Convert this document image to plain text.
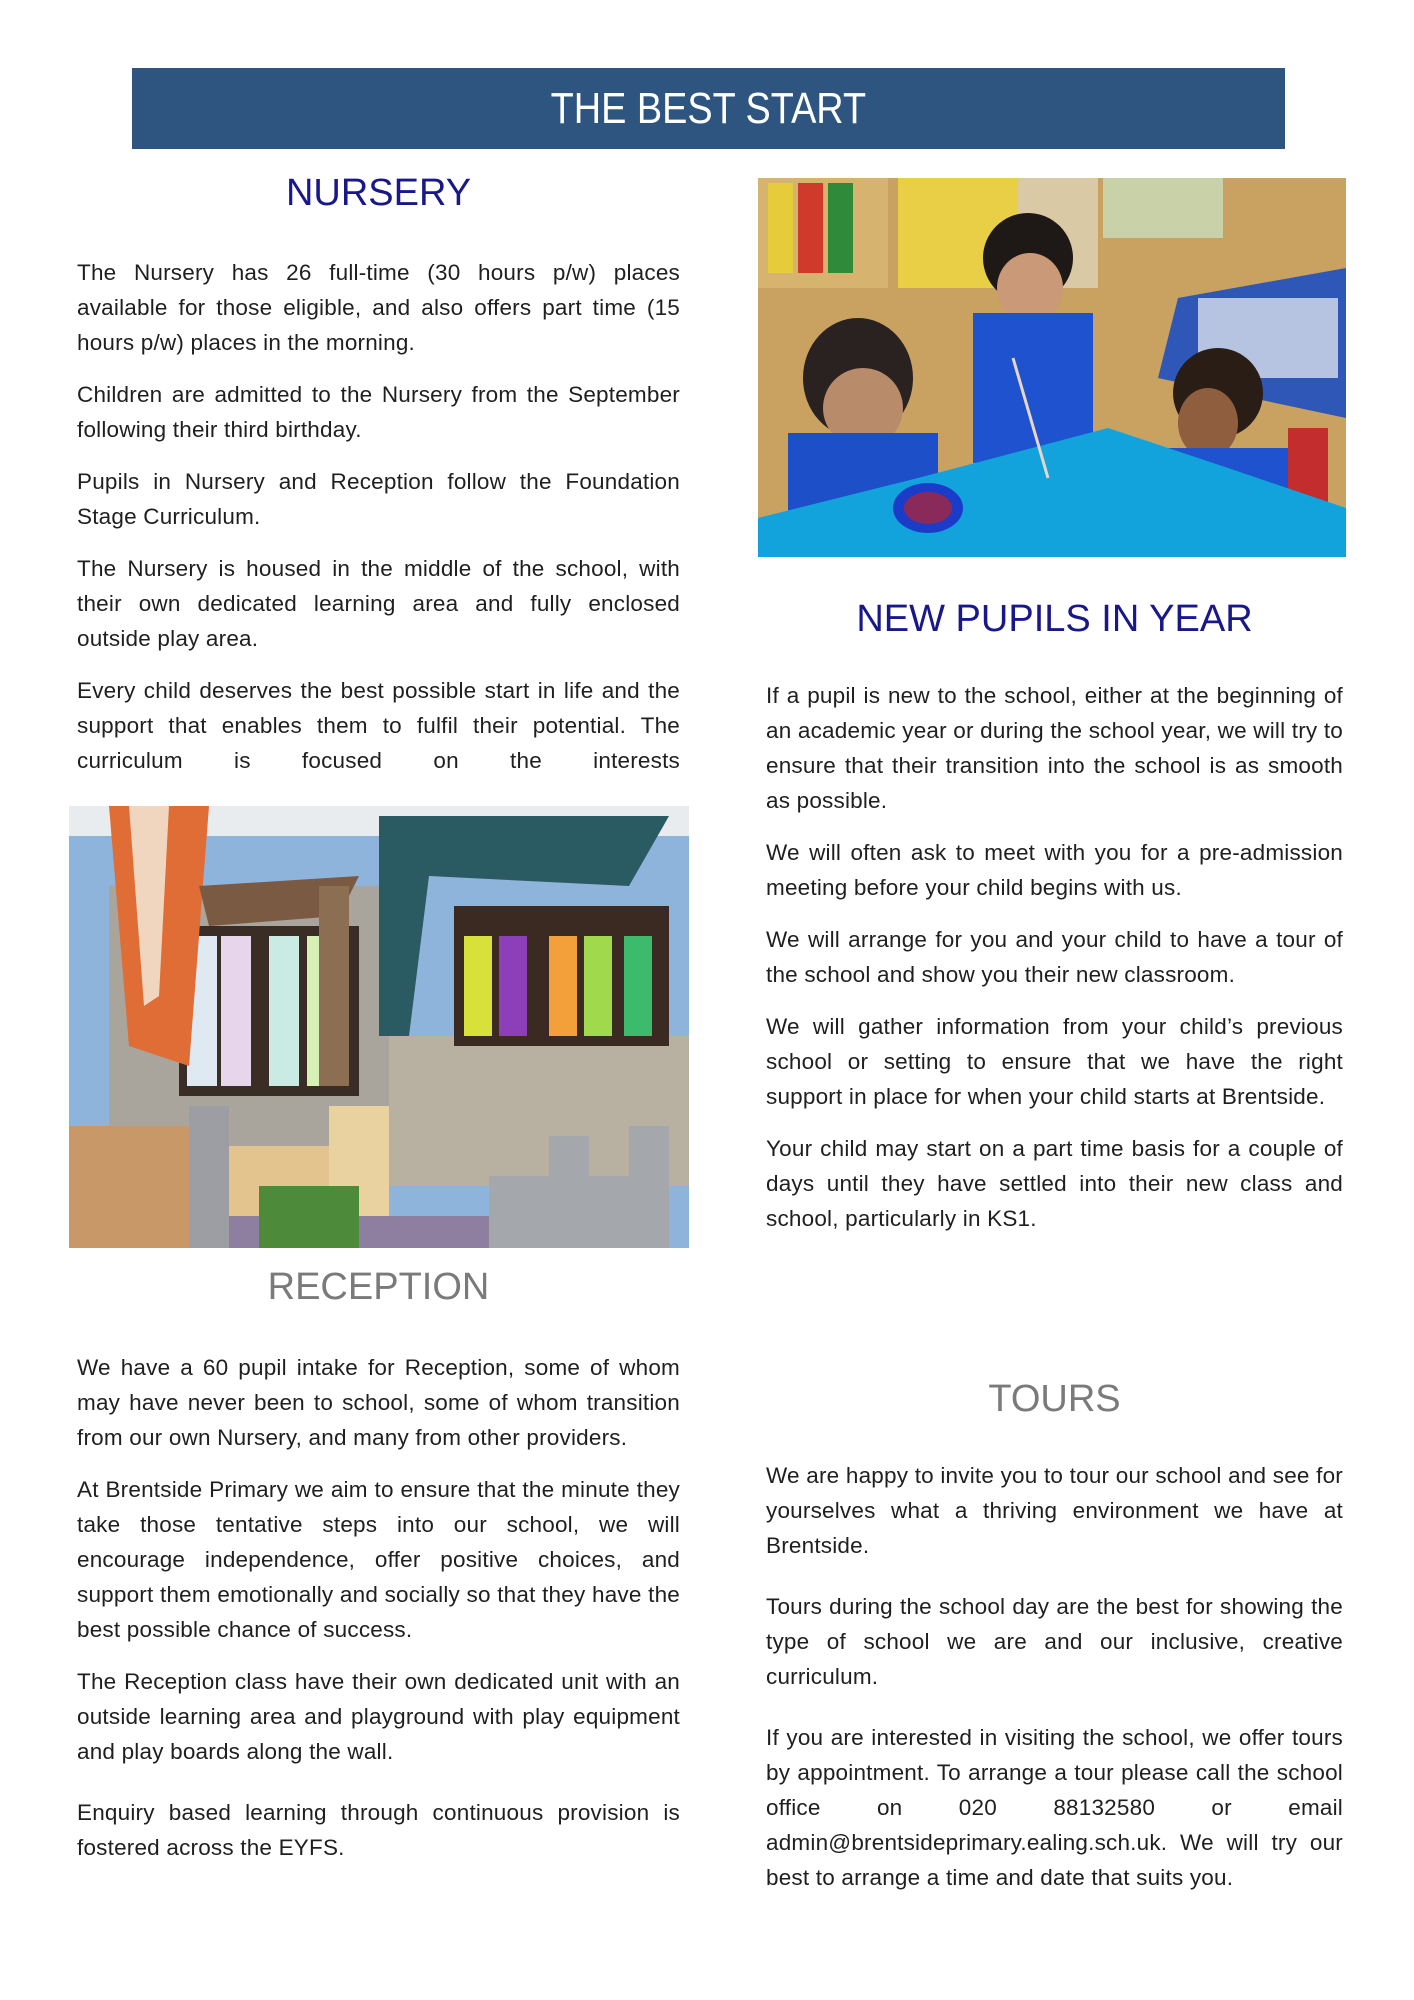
THE BEST START
NURSERY

The Nursery has 26 full-time (30 hours p/w) places available for those eligible, and also offers part time (15 hours p/w) places in the morning.

Children are admitted to the Nursery from the September following their third birthday.

Pupils in Nursery and Reception follow the Foundation Stage Curriculum.

The Nursery is housed in the middle of the school, with their own dedicated learning area and fully enclosed outside play area.

Every child deserves the best possible start in life and the support that enables them to fulfil their potential. The curriculum is focused on the interests

RECEPTION

We have a 60 pupil intake for Reception, some of whom may have never been to school, some of whom transition from our own Nursery, and many from other providers.

At Brentside Primary we aim to ensure that the minute they take those tentative steps into our school, we will encourage independence, offer positive choices, and support them emotionally and socially so that they have the best possible chance of success.

The Reception class have their own dedicated unit with an outside learning area and playground with play equipment and play boards along the wall.

Enquiry based learning through continuous provision is fostered across the EYFS.

NEW PUPILS IN YEAR

If a pupil is new to the school, either at the beginning of an academic year or during the school year, we will try to ensure that their transition into the school is as smooth as possible.

We will often ask to meet with you for a pre-admission meeting before your child begins with us.

We will arrange for you and your child to have a tour of the school and show you their new classroom.

We will gather information from your child’s previous school or setting to ensure that we have the right support in place for when your child starts at Brentside.

Your child may start on a part time basis for a couple of days until they have settled into their new class and school, particularly in KS1.

TOURS

We are happy to invite you to tour our school and see for yourselves what a thriving environment we have at Brentside.

Tours during the school day are the best for showing the type of school we are and our inclusive, creative curriculum.

If you are interested in visiting the school, we offer tours by appointment. To arrange a tour please call the school office on 020 88132580 or email admin@brentsideprimary.ealing.sch.uk. We will try our best to arrange a time and date that suits you.
